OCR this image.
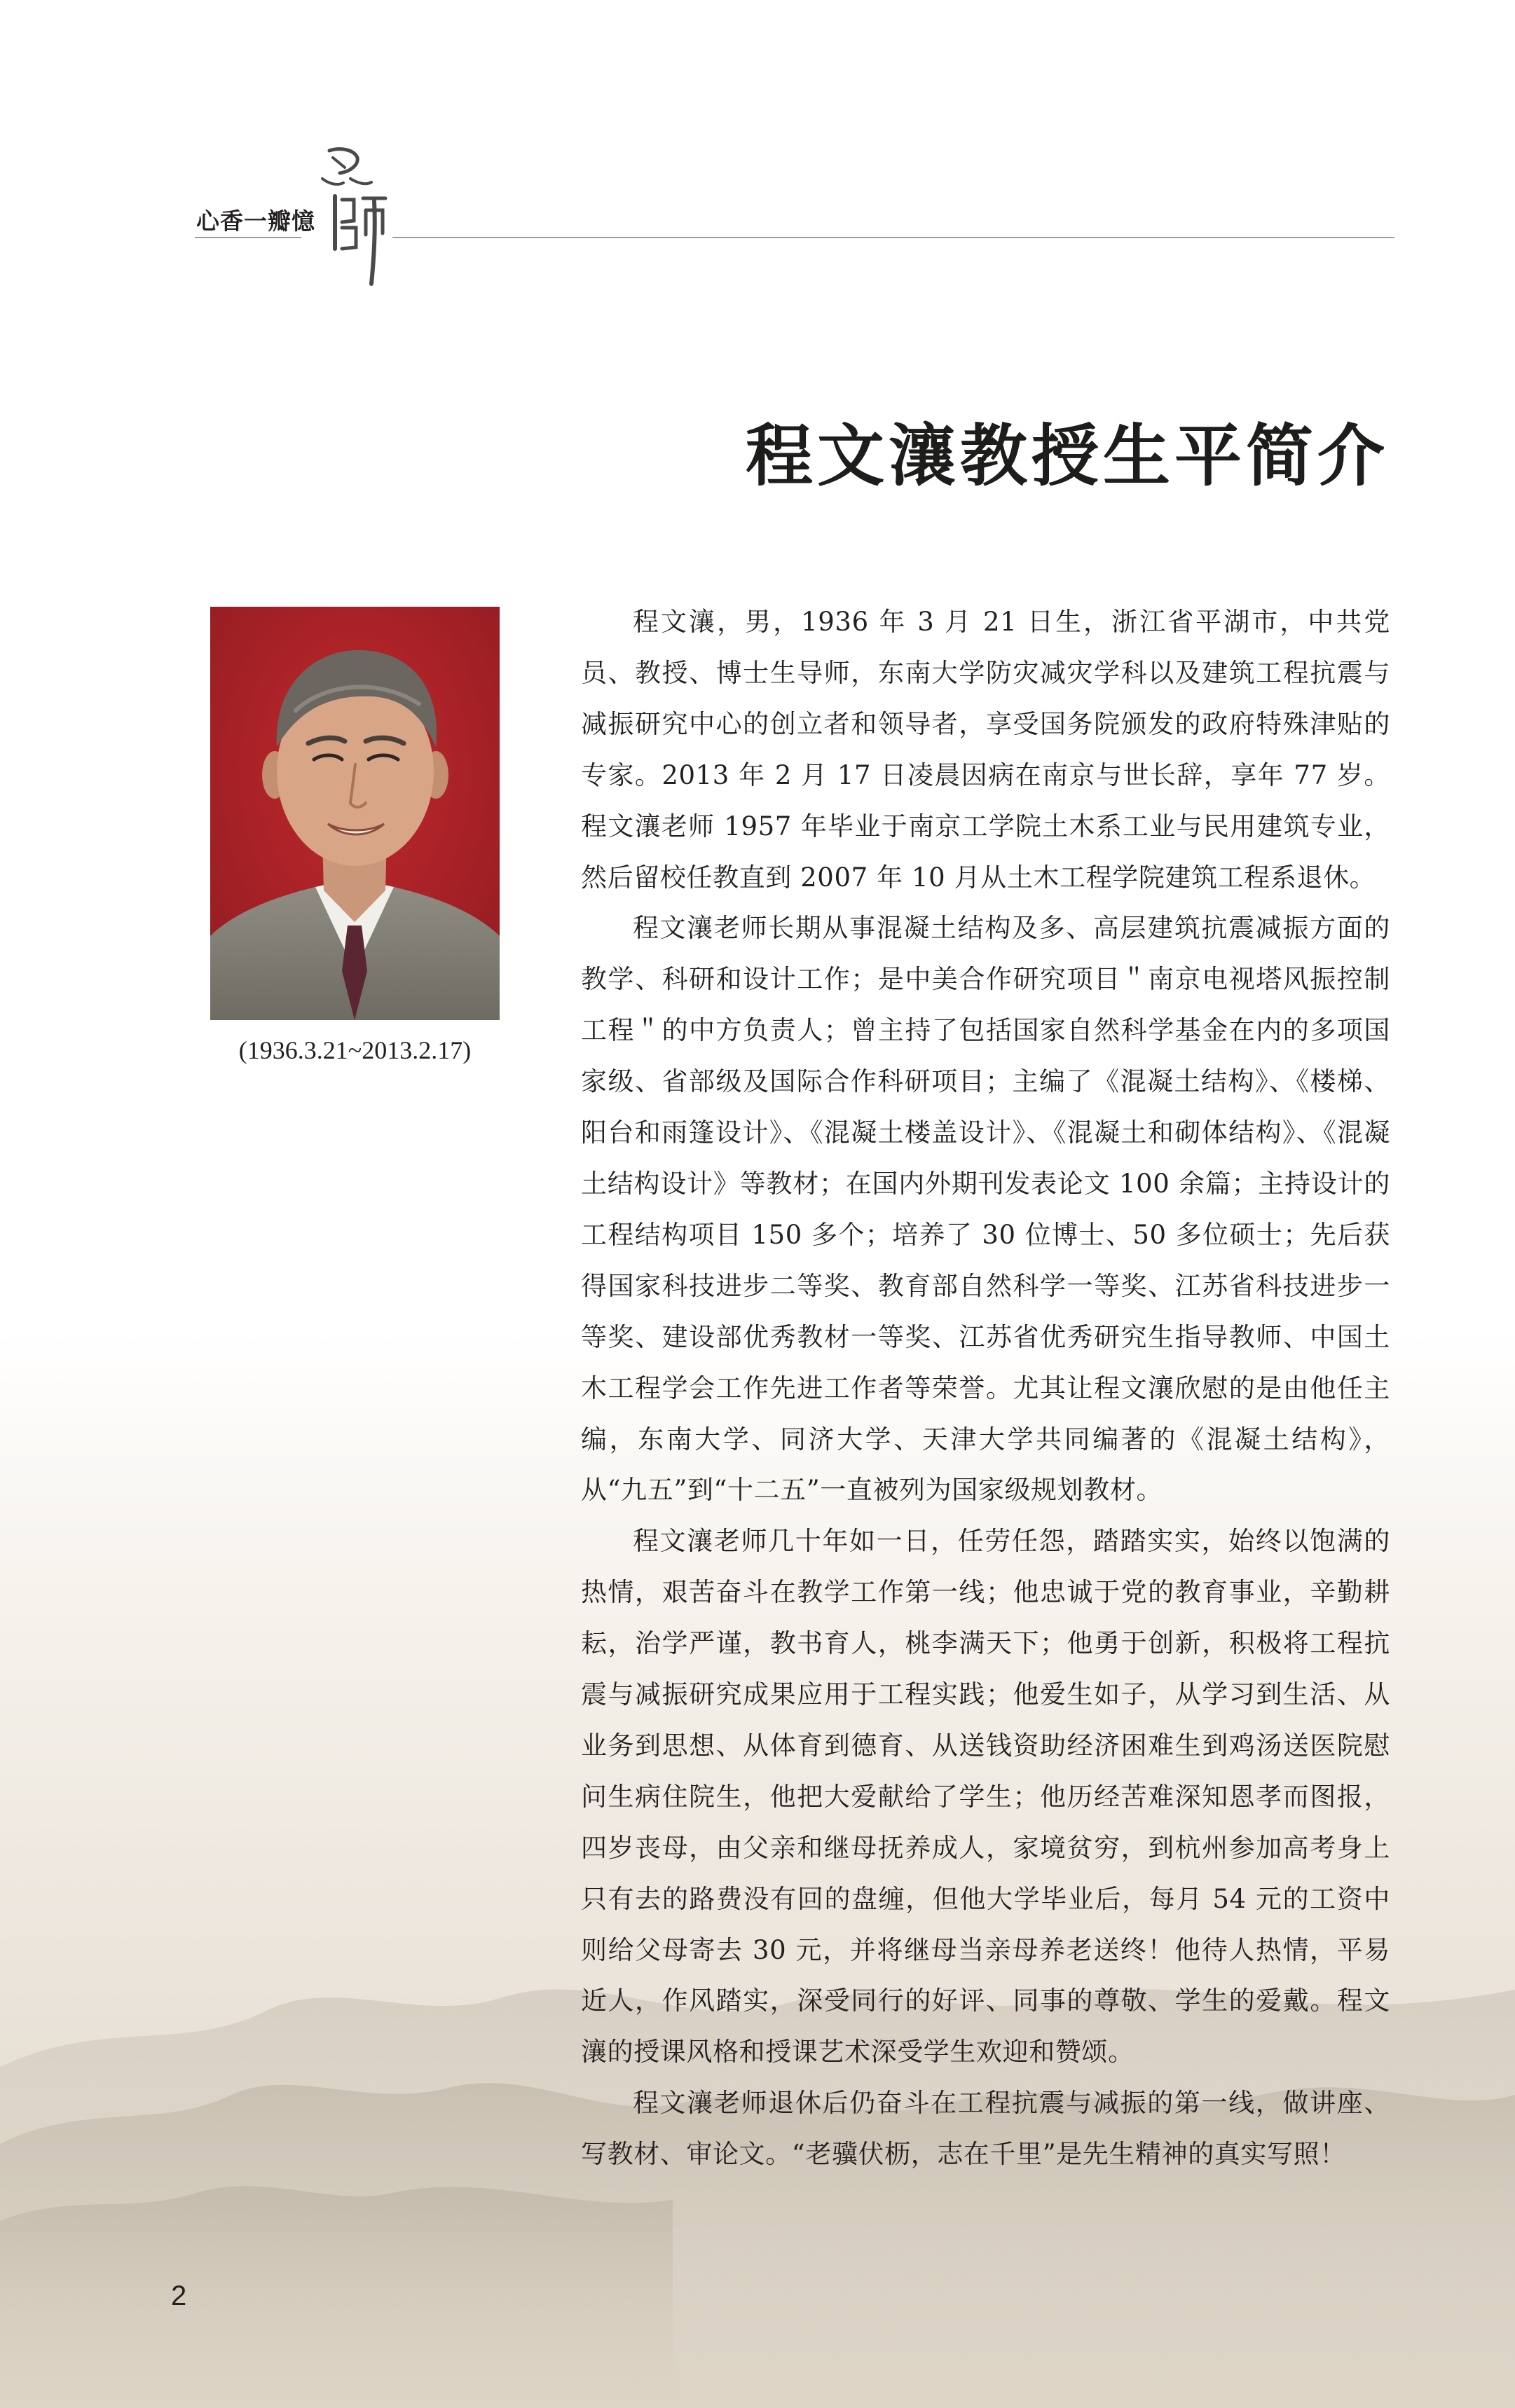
心香一瓣憶
程文瀼教授生平简介
(1936.3.21~2013.2.17)

程文瀼，男，1936 年 3 月 21 日生，浙江省平湖市，中共党员、教授、博士生导师，东南大学防灾减灾学科以及建筑工程抗震与减振研究中心的创立者和领导者，享受国务院颁发的政府特殊津贴的专家。2013 年 2 月 17 日凌晨因病在南京与世长辞，享年 77 岁。程文瀼老师 1957 年毕业于南京工学院土木系工业与民用建筑专业，然后留校任教直到 2007 年 10 月从土木工程学院建筑工程系退休。

程文瀼老师长期从事混凝土结构及多、高层建筑抗震减振方面的教学、科研和设计工作；是中美合作研究项目＂南京电视塔风振控制工程＂的中方负责人；曾主持了包括国家自然科学基金在内的多项国家级、省部级及国际合作科研项目；主编了《混凝土结构》、《楼梯、阳台和雨篷设计》、《混凝土楼盖设计》、《混凝土和砌体结构》、《混凝土结构设计》等教材；在国内外期刊发表论文 100 余篇；主持设计的工程结构项目 150 多个；培养了 30 位博士、50 多位硕士；先后获得国家科技进步二等奖、教育部自然科学一等奖、江苏省科技进步一等奖、建设部优秀教材一等奖、江苏省优秀研究生指导教师、中国土木工程学会工作先进工作者等荣誉。尤其让程文瀼欣慰的是由他任主编，东南大学、同济大学、天津大学共同编著的《混凝土结构》，从“九五”到“十二五”一直被列为国家级规划教材。

程文瀼老师几十年如一日，任劳任怨，踏踏实实，始终以饱满的热情，艰苦奋斗在教学工作第一线；他忠诚于党的教育事业，辛勤耕耘，治学严谨，教书育人，桃李满天下；他勇于创新，积极将工程抗震与减振研究成果应用于工程实践；他爱生如子，从学习到生活、从业务到思想、从体育到德育、从送钱资助经济困难生到鸡汤送医院慰问生病住院生，他把大爱献给了学生；他历经苦难深知恩孝而图报，四岁丧母，由父亲和继母抚养成人，家境贫穷，到杭州参加高考身上只有去的路费没有回的盘缠，但他大学毕业后，每月 54 元的工资中则给父母寄去 30 元，并将继母当亲母养老送终！他待人热情，平易近人，作风踏实，深受同行的好评、同事的尊敬、学生的爱戴。程文瀼的授课风格和授课艺术深受学生欢迎和赞颂。

程文瀼老师退休后仍奋斗在工程抗震与减振的第一线，做讲座、写教材、审论文。“老骥伏枥，志在千里”是先生精神的真实写照！

2
